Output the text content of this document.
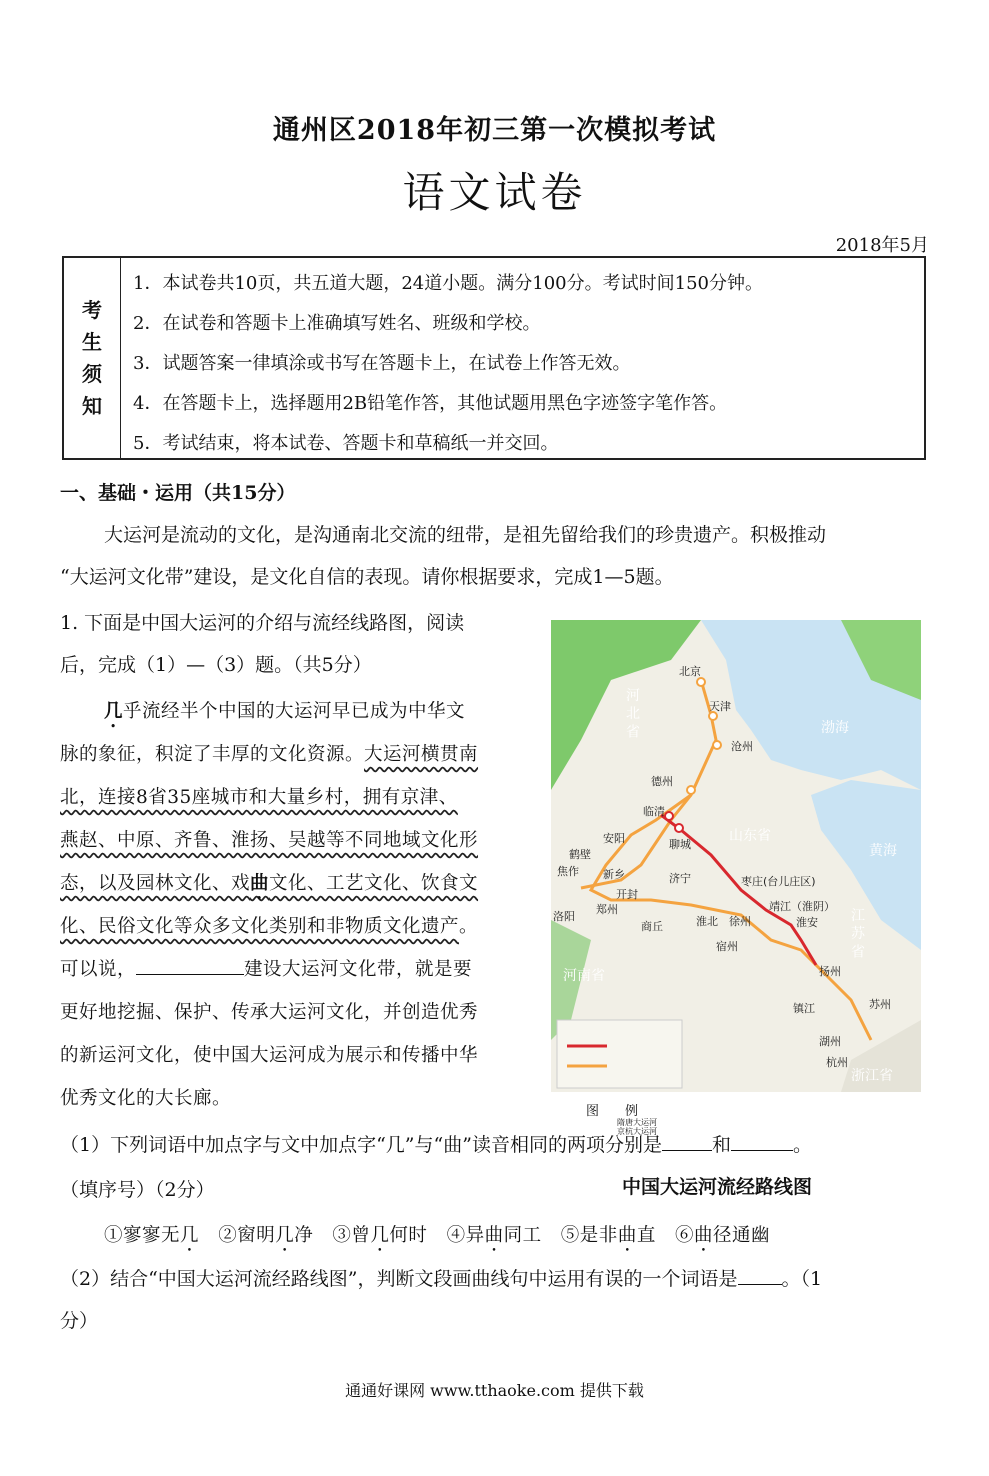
通州区2018年初三第一次模拟考试
语文试卷
2018年5月
考
生
须
知
1．本试卷共10页，共五道大题，24道小题。满分100分。考试时间150分钟。
2．在试卷和答题卡上准确填写姓名、班级和学校。
3．试题答案一律填涂或书写在答题卡上，在试卷上作答无效。
4．在答题卡上，选择题用2B铅笔作答，其他试题用黑色字迹签字笔作答。
5．考试结束，将本试卷、答题卡和草稿纸一并交回。
一、基础・运用（共15分）
大运河是流动的文化，是沟通南北交流的纽带，是祖先留给我们的珍贵遗产。积极推动
“大运河文化带”建设，是文化自信的表现。请你根据要求，完成1—5题。
1. 下面是中国大运河的介绍与流经线路图，阅读
后，完成（1）—（3）题。（共5分）
几乎流经半个中国的大运河早已成为中华文
脉的象征，积淀了丰厚的文化资源。大运河横贯南
北，连接8省35座城市和大量乡村，拥有京津、
燕赵、中原、齐鲁、淮扬、吴越等不同地域文化形
态，以及园林文化、戏曲文化、工艺文化、饮食文
化、民俗文化等众多文化类别和非物质文化遗产。
可以说，	建设大运河文化带，就是要
更好地挖掘、保护、传承大运河文化，并创造优秀
的新运河文化，使中国大运河成为展示和传播中华
优秀文化的大长廊。
北京
天津
沧州
德州
临清
聊城
安阳
鹤壁
焦作 新乡	济宁
开封
枣庄(台儿庄区)
洛阳
郑州
商丘	淮北 徐州	淮安
靖江（淮阴）
宿州
扬州
镇江	苏州
湖州
杭州
渤海
黄海
河北省
山东省
河南省
江苏省
浙江省
图　　例
隋唐大运河
京杭大运河
（1）下列词语中加点字与文中加点字“几”与“曲”读音相同的两项分别是	和	。
（填序号）（2分）	中国大运河流经路线图
①寥寥无几 ②窗明几净 ③曾几何时 ④异曲同工 ⑤是非曲直 ⑥曲径通幽
（2）结合“中国大运河流经路线图”，判断文段画曲线句中运用有误的一个词语是 。（1
分）
通通好课网 www.tthaoke.com 提供下载
